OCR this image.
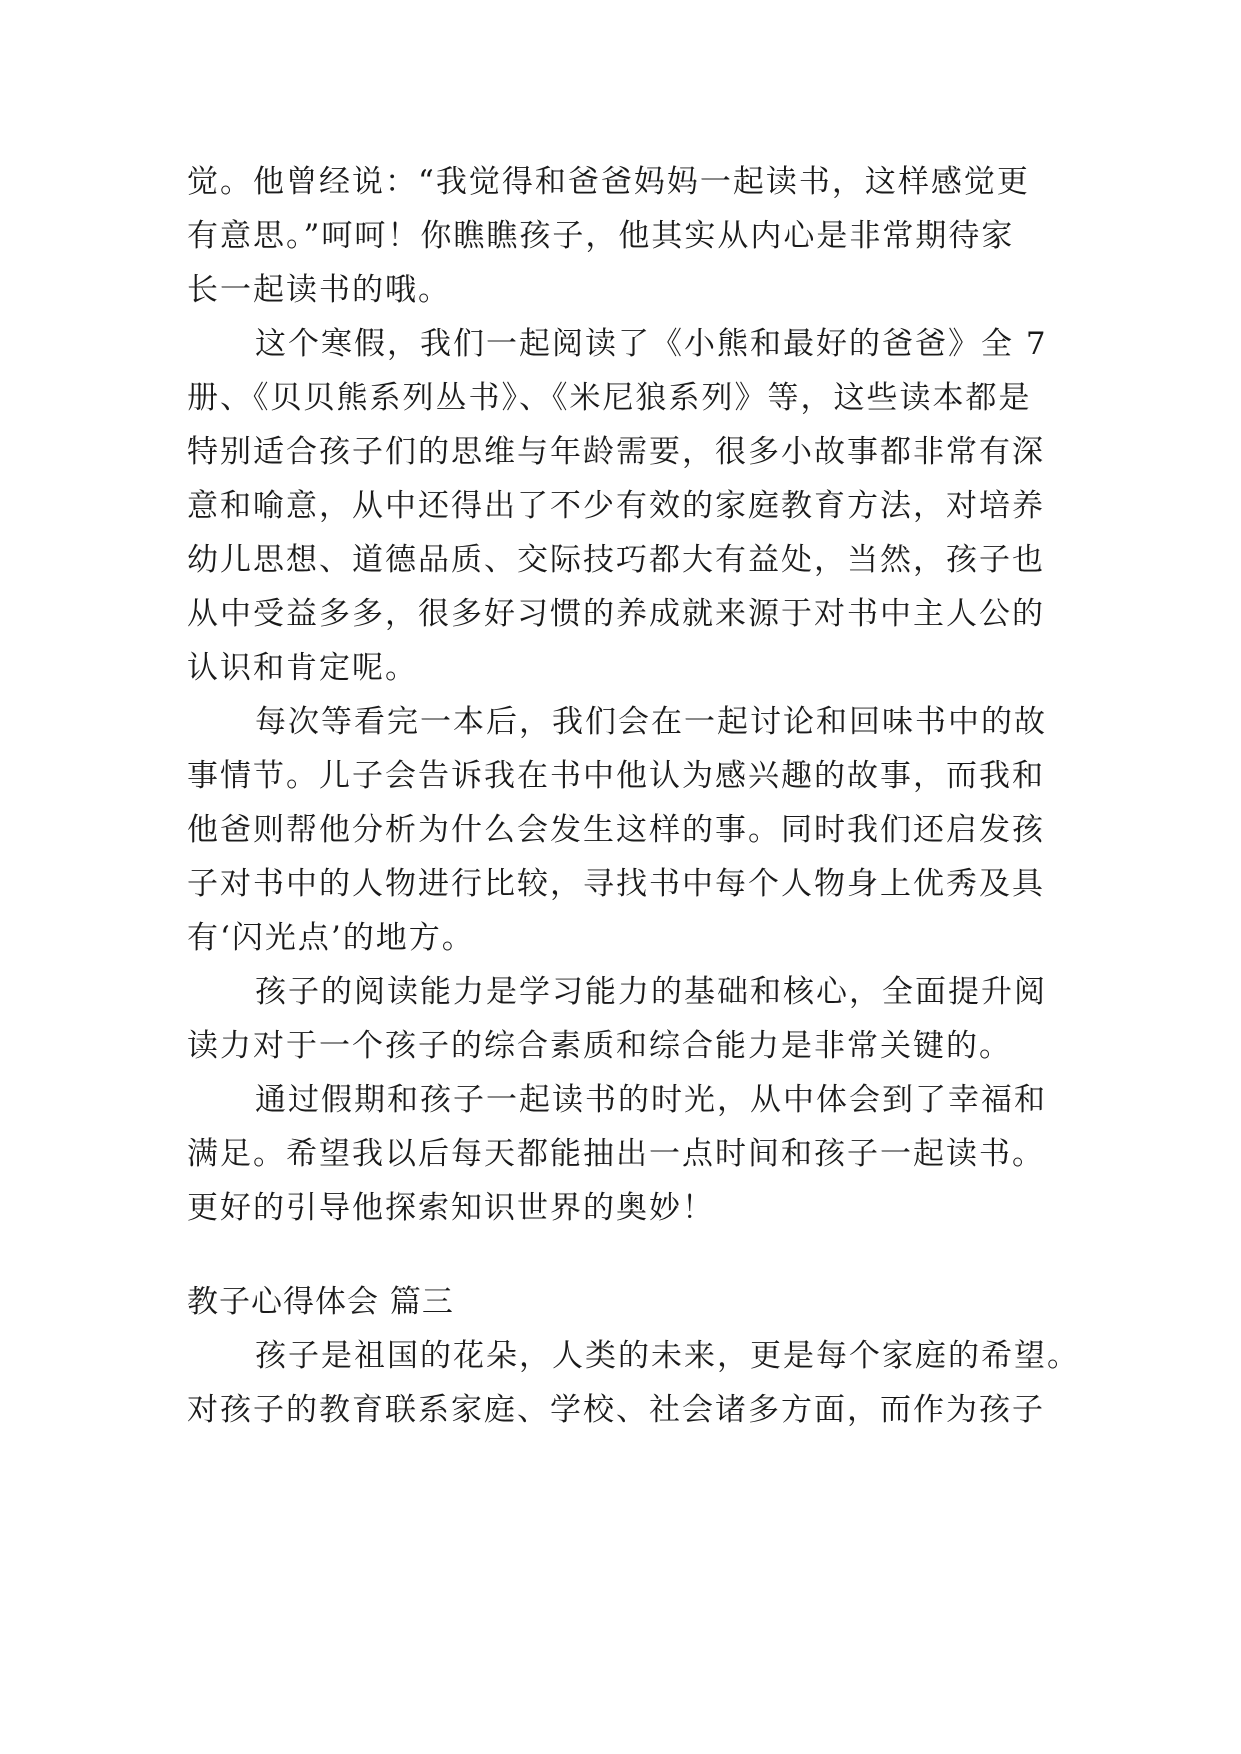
觉。他曾经说：“我觉得和爸爸妈妈一起读书，这样感觉更
有意思。”呵呵！你瞧瞧孩子，他其实从内心是非常期待家
长一起读书的哦。
这个寒假，我们一起阅读了《小熊和最好的爸爸》全 7
册、《贝贝熊系列丛书》、《米尼狼系列》等，这些读本都是
特别适合孩子们的思维与年龄需要，很多小故事都非常有深
意和喻意，从中还得出了不少有效的家庭教育方法，对培养
幼儿思想、道德品质、交际技巧都大有益处，当然，孩子也
从中受益多多，很多好习惯的养成就来源于对书中主人公的
认识和肯定呢。
每次等看完一本后，我们会在一起讨论和回味书中的故
事情节。儿子会告诉我在书中他认为感兴趣的故事，而我和
他爸则帮他分析为什么会发生这样的事。同时我们还启发孩
子对书中的人物进行比较，寻找书中每个人物身上优秀及具
有‘闪光点’的地方。
孩子的阅读能力是学习能力的基础和核心，全面提升阅
读力对于一个孩子的综合素质和综合能力是非常关键的。
通过假期和孩子一起读书的时光，从中体会到了幸福和
满足。希望我以后每天都能抽出一点时间和孩子一起读书。
更好的引导他探索知识世界的奥妙！
教子心得体会 篇三
孩子是祖国的花朵，人类的未来，更是每个家庭的希望。
对孩子的教育联系家庭、学校、社会诸多方面，而作为孩子
